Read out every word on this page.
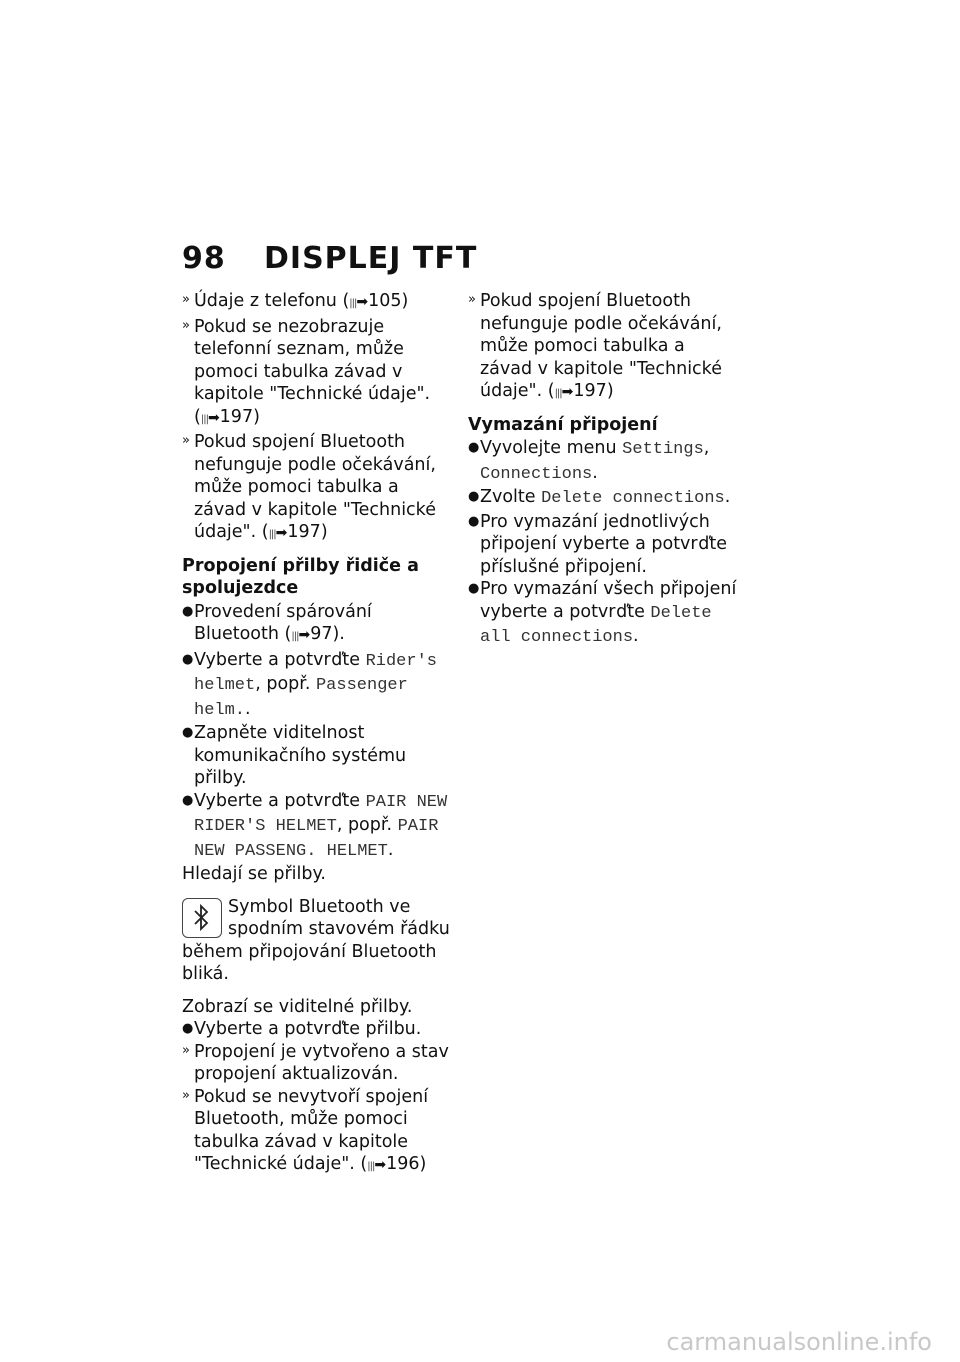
98 DISPLEJ TFT
» Údaje z telefonu (|||➡ 105)
» Pokud se nezobrazuje telefonní seznam, může pomoci tabulka závad v kapitole "Technické údaje". (|||➡ 197)
» Pokud spojení Bluetooth nefunguje podle očekávání, může pomoci tabulka a závad v kapitole "Technické údaje". (|||➡ 197)
Propojení přilby řidiče a spolujezdce
● Provedení spárování Bluetooth (|||➡ 97).
● Vyberte a potvrďte Rider's helmet, popř. Passenger helm..
● Zapněte viditelnost komunikačního systému přilby.
● Vyberte a potvrďte PAIR NEW RIDER'S HELMET, popř. PAIR NEW PASSENG. HELMET.
Hledají se přilby.
Symbol Bluetooth ve spodním stavovém řádku během připojování Bluetooth bliká.
Zobrazí se viditelné přilby.
● Vyberte a potvrďte přilbu.
» Propojení je vytvořeno a stav propojení aktualizován.
» Pokud se nevytvoří spojení Bluetooth, může pomoci tabulka závad v kapitole "Technické údaje". (|||➡ 196)
» Pokud spojení Bluetooth nefunguje podle očekávání, může pomoci tabulka a závad v kapitole "Technické údaje". (|||➡ 197)
Vymazání připojení
● Vyvolejte menu Settings, Connections.
● Zvolte Delete connections.
● Pro vymazání jednotlivých připojení vyberte a potvrďte příslušné připojení.
● Pro vymazání všech připojení vyberte a potvrďte Delete all connections.
carmanualsonline.info
